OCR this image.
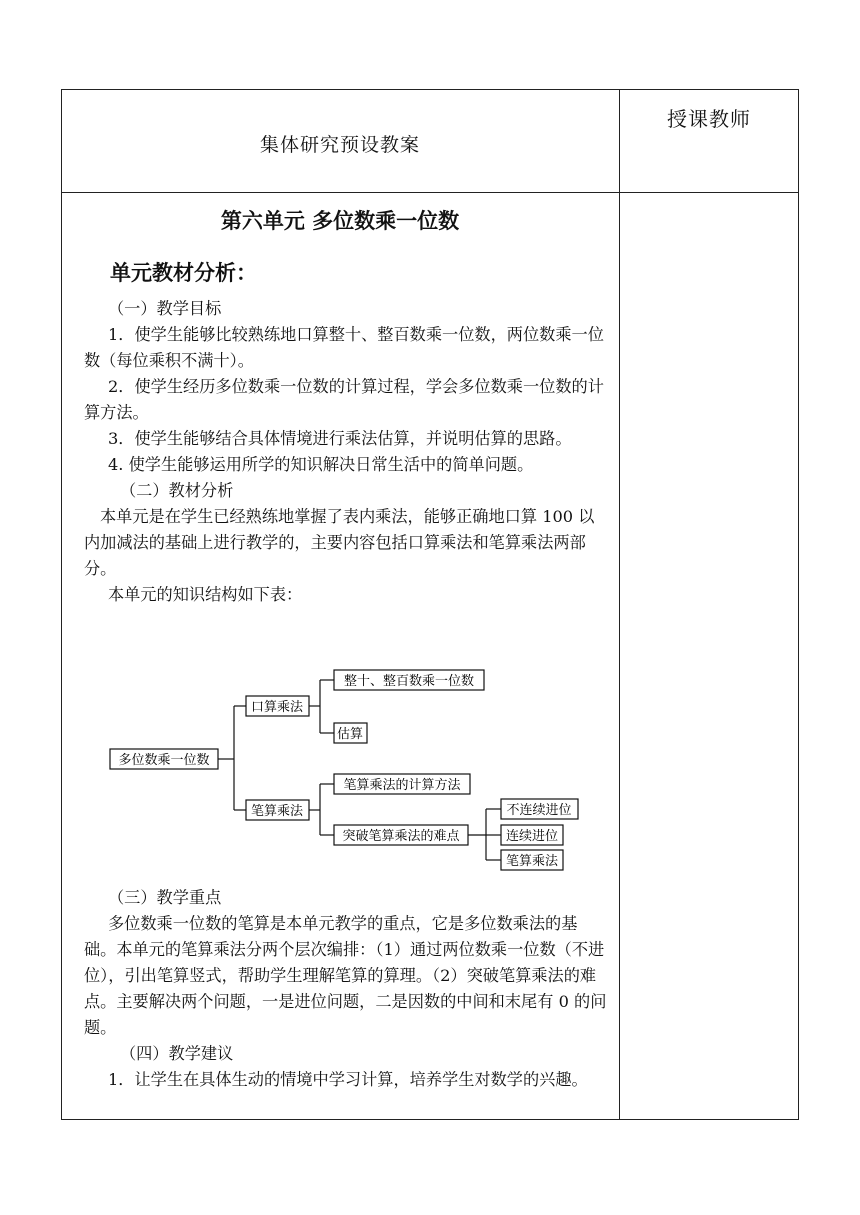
集体研究预设教案
授课教师
第六单元 多位数乘一位数
单元教材分析：

（一）教学目标

1．使学生能够比较熟练地口算整十、整百数乘一位数，两位数乘一位数（每位乘积不满十）。

2．使学生经历多位数乘一位数的计算过程，学会多位数乘一位数的计算方法。

3．使学生能够结合具体情境进行乘法估算，并说明估算的思路。

4. 使学生能够运用所学的知识解决日常生活中的简单问题。

（二）教材分析

本单元是在学生已经熟练地掌握了表内乘法，能够正确地口算 100 以内加减法的基础上进行教学的，主要内容包括口算乘法和笔算乘法两部分。

本单元的知识结构如下表：

多位数乘一位数
口算乘法
笔算乘法
整十、整百数乘一位数
估算
笔算乘法的计算方法
突破笔算乘法的难点
不连续进位
连续进位
笔算乘法

（三）教学重点

多位数乘一位数的笔算是本单元教学的重点，它是多位数乘法的基础。本单元的笔算乘法分两个层次编排：（1）通过两位数乘一位数（不进位），引出笔算竖式，帮助学生理解笔算的算理。（2）突破笔算乘法的难点。主要解决两个问题，一是进位问题，二是因数的中间和末尾有 0 的问题。

（四）教学建议

1．让学生在具体生动的情境中学习计算，培养学生对数学的兴趣。
